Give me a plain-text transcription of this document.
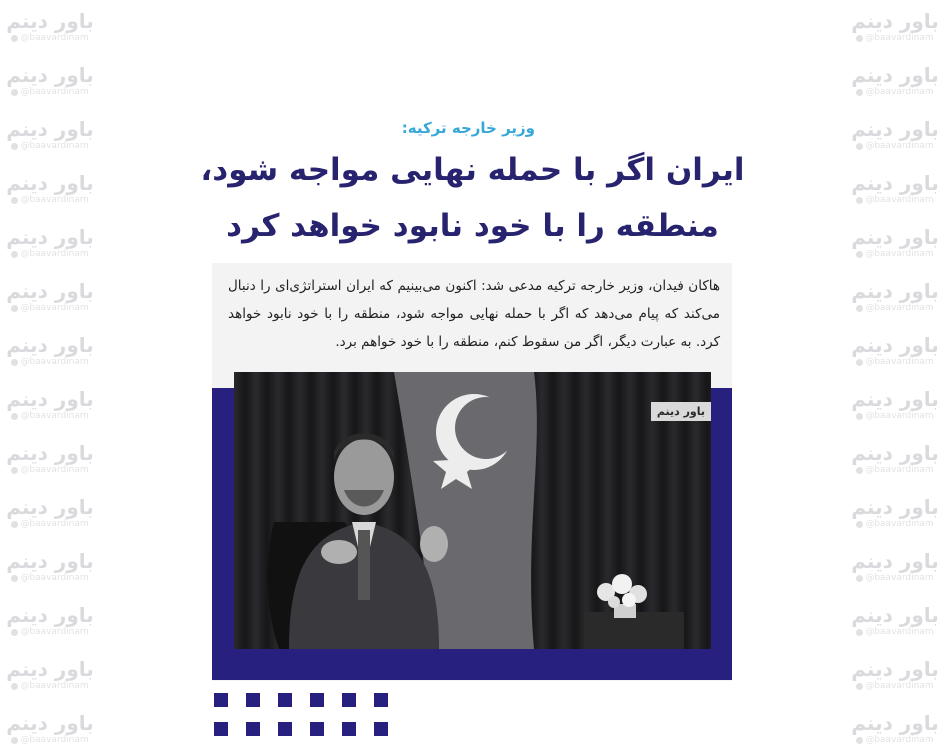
باور دینم
@baavardinam
باور دینم
@baavardinam
باور دینم
@baavardinam
باور دینم
@baavardinam
باور دینم
@baavardinam
باور دینم
@baavardinam
باور دینم
@baavardinam
باور دینم
@baavardinam
باور دینم
@baavardinam
باور دینم
@baavardinam
باور دینم
@baavardinam
باور دینم
@baavardinam
باور دینم
@baavardinam
باور دینم
@baavardinam
باور دینم
@baavardinam
باور دینم
@baavardinam
باور دینم
@baavardinam
باور دینم
@baavardinam
باور دینم
@baavardinam
باور دینم
@baavardinam
باور دینم
@baavardinam
باور دینم
@baavardinam
باور دینم
@baavardinam
باور دینم
@baavardinam
باور دینم
@baavardinam
باور دینم
@baavardinam
باور دینم
@baavardinam
باور دینم
@baavardinam
وزیر خارجه ترکیه:
ایران اگر با حمله نهایی مواجه شود، منطقه را با خود نابود خواهد کرد

هاکان فیدان، وزیر خارجه ترکیه مدعی شد: اکنون می‌بینیم که ایران استراتژی‌ای را دنبال می‌کند که پیام می‌دهد که اگر با حمله نهایی مواجه شود، منطقه را با خود نابود خواهد کرد. به عبارت دیگر، اگر من سقوط کنم، منطقه را با خود خواهم برد.

باور دینم
